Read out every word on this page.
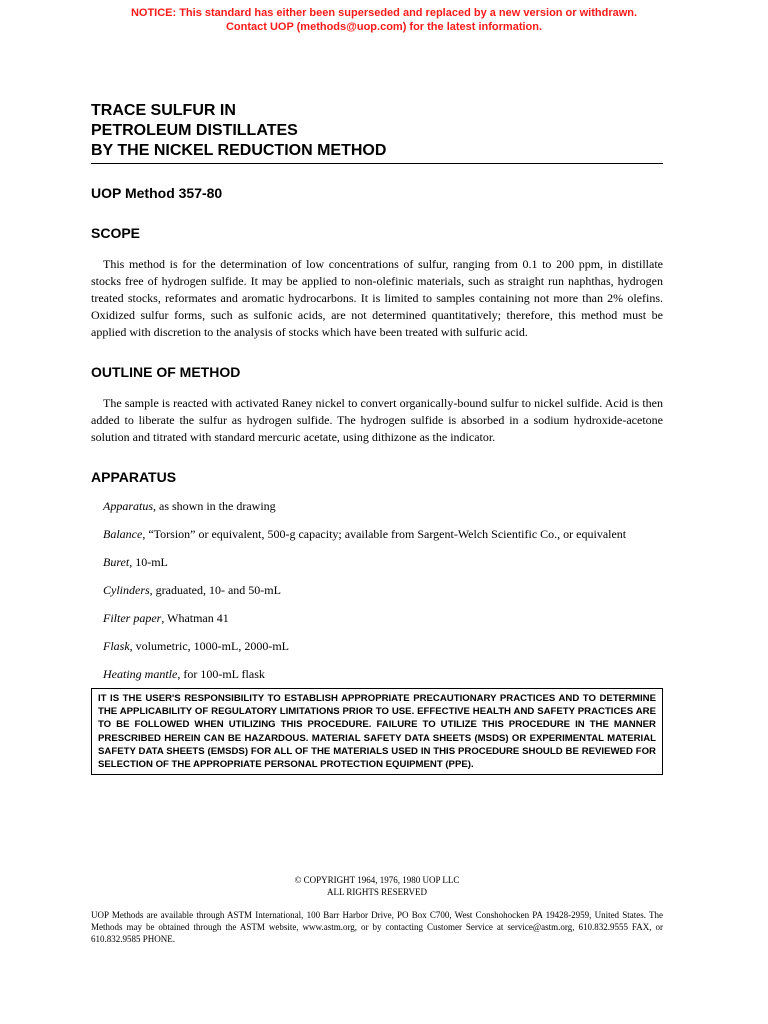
NOTICE: This standard has either been superseded and replaced by a new version or withdrawn.
Contact UOP (methods@uop.com) for the latest information.
TRACE SULFUR IN
PETROLEUM DISTILLATES
BY THE NICKEL REDUCTION METHOD
UOP Method 357-80
SCOPE

This method is for the determination of low concentrations of sulfur, ranging from 0.1 to 200 ppm, in distillate stocks free of hydrogen sulfide. It may be applied to non-olefinic materials, such as straight run naphthas, hydrogen treated stocks, reformates and aromatic hydrocarbons. It is limited to samples containing not more than 2% olefins. Oxidized sulfur forms, such as sulfonic acids, are not determined quantitatively; therefore, this method must be applied with discretion to the analysis of stocks which have been treated with sulfuric acid.

OUTLINE OF METHOD

The sample is reacted with activated Raney nickel to convert organically-bound sulfur to nickel sulfide. Acid is then added to liberate the sulfur as hydrogen sulfide. The hydrogen sulfide is absorbed in a sodium hydroxide-acetone solution and titrated with standard mercuric acetate, using dithizone as the indicator.

APPARATUS
Apparatus, as shown in the drawing
Balance, “Torsion” or equivalent, 500-g capacity; available from Sargent-Welch Scientific Co., or equivalent
Buret, 10-mL
Cylinders, graduated, 10- and 50-mL
Filter paper, Whatman 41
Flask, volumetric, 1000-mL, 2000-mL
Heating mantle, for 100-mL flask
IT IS THE USER'S RESPONSIBILITY TO ESTABLISH APPROPRIATE PRECAUTIONARY PRACTICES AND TO DETERMINE THE APPLICABILITY OF REGULATORY LIMITATIONS PRIOR TO USE. EFFECTIVE HEALTH AND SAFETY PRACTICES ARE TO BE FOLLOWED WHEN UTILIZING THIS PROCEDURE. FAILURE TO UTILIZE THIS PROCEDURE IN THE MANNER PRESCRIBED HEREIN CAN BE HAZARDOUS. MATERIAL SAFETY DATA SHEETS (MSDS) OR EXPERIMENTAL MATERIAL SAFETY DATA SHEETS (EMSDS) FOR ALL OF THE MATERIALS USED IN THIS PROCEDURE SHOULD BE REVIEWED FOR SELECTION OF THE APPROPRIATE PERSONAL PROTECTION EQUIPMENT (PPE).
© COPYRIGHT 1964, 1976, 1980 UOP LLC
ALL RIGHTS RESERVED
UOP Methods are available through ASTM International, 100 Barr Harbor Drive, PO Box C700, West Conshohocken PA 19428-2959, United States. The Methods may be obtained through the ASTM website, www.astm.org, or by contacting Customer Service at service@astm.org, 610.832.9555 FAX, or 610.832.9585 PHONE.
